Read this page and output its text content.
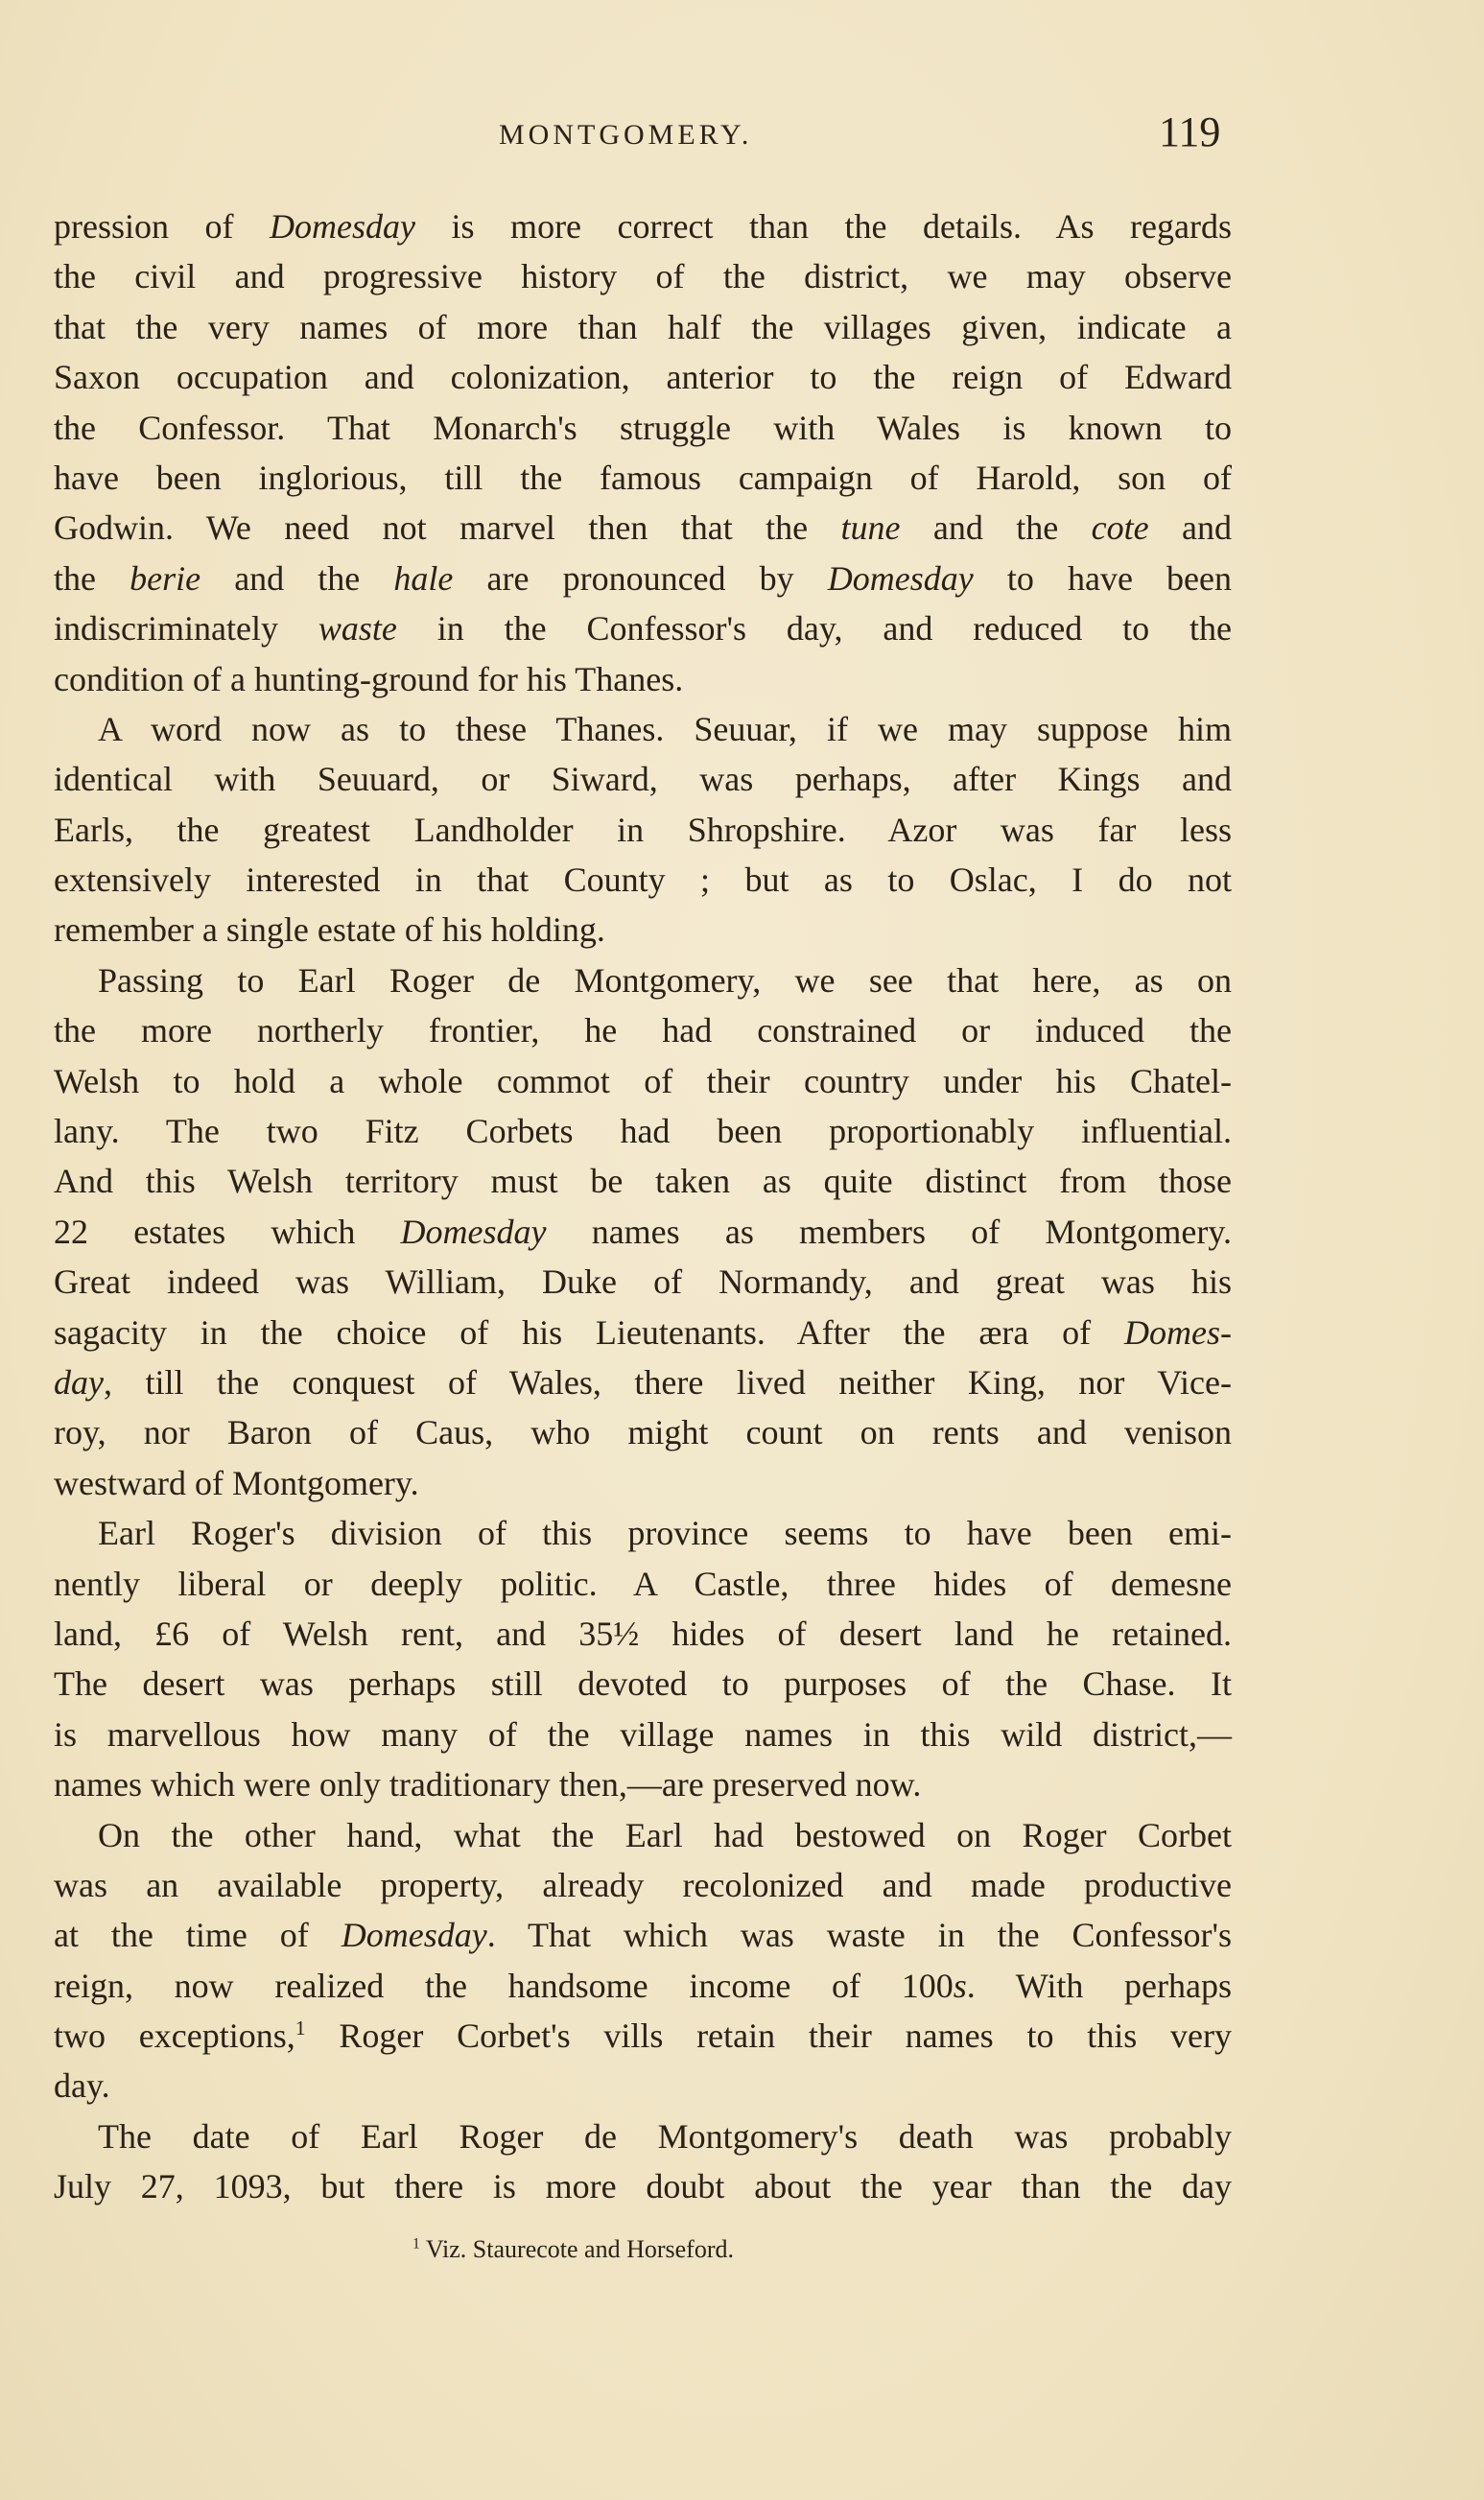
MONTGOMERY.	119
pression of Domesday is more correct than the details. As regards
the civil and progressive history of the district, we may observe
that the very names of more than half the villages given, indicate a
Saxon occupation and colonization, anterior to the reign of Edward
the Confessor. That Monarch's struggle with Wales is known to
have been inglorious, till the famous campaign of Harold, son of
Godwin. We need not marvel then that the tune and the cote and
the berie and the hale are pronounced by Domesday to have been
indiscriminately waste in the Confessor's day, and reduced to the
condition of a hunting-ground for his Thanes.
A word now as to these Thanes. Seuuar, if we may suppose him
identical with Seuuard, or Siward, was perhaps, after Kings and
Earls, the greatest Landholder in Shropshire. Azor was far less
extensively interested in that County ; but as to Oslac, I do not
remember a single estate of his holding.
Passing to Earl Roger de Montgomery, we see that here, as on
the more northerly frontier, he had constrained or induced the
Welsh to hold a whole commot of their country under his Chatel-
lany. The two Fitz Corbets had been proportionably influential.
And this Welsh territory must be taken as quite distinct from those
22 estates which Domesday names as members of Montgomery.
Great indeed was William, Duke of Normandy, and great was his
sagacity in the choice of his Lieutenants. After the æra of Domes-
day, till the conquest of Wales, there lived neither King, nor Vice-
roy, nor Baron of Caus, who might count on rents and venison
westward of Montgomery.
Earl Roger's division of this province seems to have been emi-
nently liberal or deeply politic. A Castle, three hides of demesne
land, £6 of Welsh rent, and 35½ hides of desert land he retained.
The desert was perhaps still devoted to purposes of the Chase. It
is marvellous how many of the village names in this wild district,—
names which were only traditionary then,—are preserved now.
On the other hand, what the Earl had bestowed on Roger Corbet
was an available property, already recolonized and made productive
at the time of Domesday. That which was waste in the Confessor's
reign, now realized the handsome income of 100s. With perhaps
two exceptions,$^1$ Roger Corbet's vills retain their names to this very
day.
The date of Earl Roger de Montgomery's death was probably
July 27, 1093, but there is more doubt about the year than the day
$^1$ Viz. Staurecote and Horseford.
